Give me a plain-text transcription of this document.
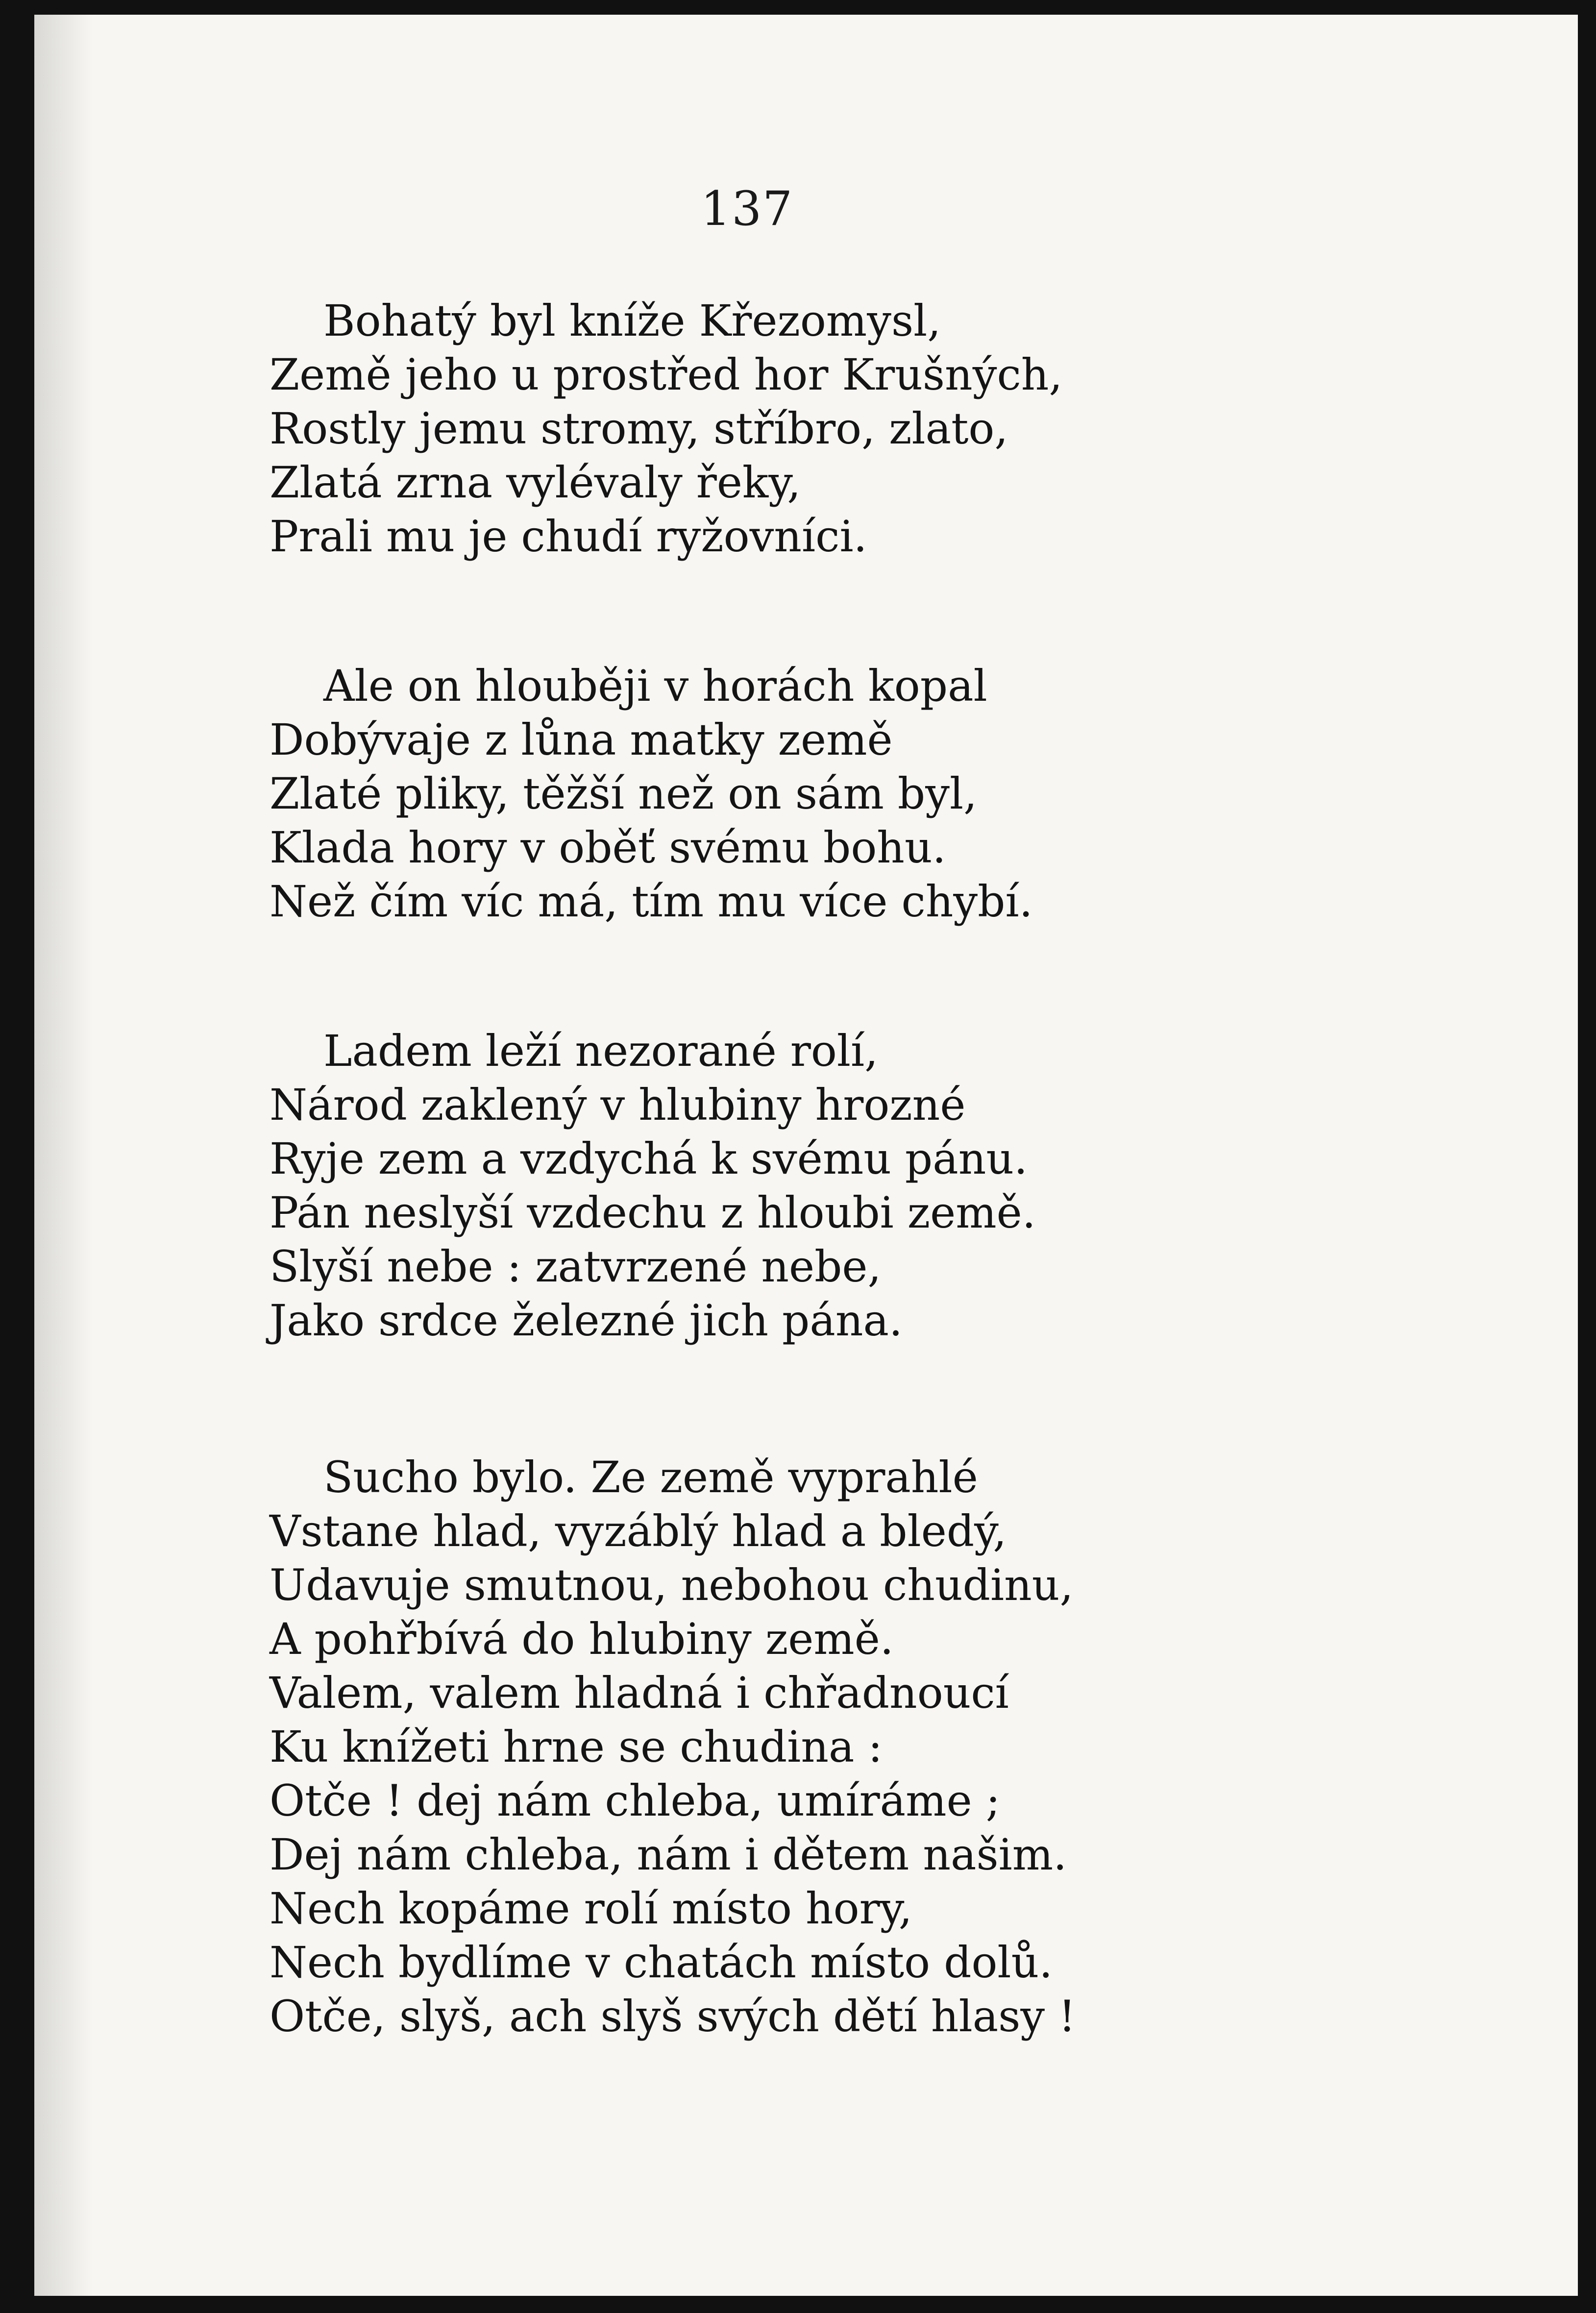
137
Bohatý byl kníže Křezomysl,
Země jeho u prostřed hor Krušných,
Rostly jemu stromy, stříbro, zlato,
Zlatá zrna vylévaly řeky,
Prali mu je chudí ryžovníci.
Ale on hlouběji v horách kopal
Dobývaje z lůna matky země
Zlaté pliky, těžší než on sám byl,
Klada hory v oběť svému bohu.
Než čím víc má, tím mu více chybí.
Ladem leží nezorané rolí,
Národ zaklený v hlubiny hrozné
Ryje zem a vzdychá k svému pánu.
Pán neslyší vzdechu z hloubi země.
Slyší nebe : zatvrzené nebe,
Jako srdce železné jich pána.
Sucho bylo. Ze země vyprahlé
Vstane hlad, vyzáblý hlad a bledý,
Udavuje smutnou, nebohou chudinu,
A pohřbívá do hlubiny země.
Valem, valem hladná i chřadnoucí
Ku knížeti hrne se chudina :
Otče ! dej nám chleba, umíráme ;
Dej nám chleba, nám i dětem našim.
Nech kopáme rolí místo hory,
Nech bydlíme v chatách místo dolů.
Otče, slyš, ach slyš svých dětí hlasy !
